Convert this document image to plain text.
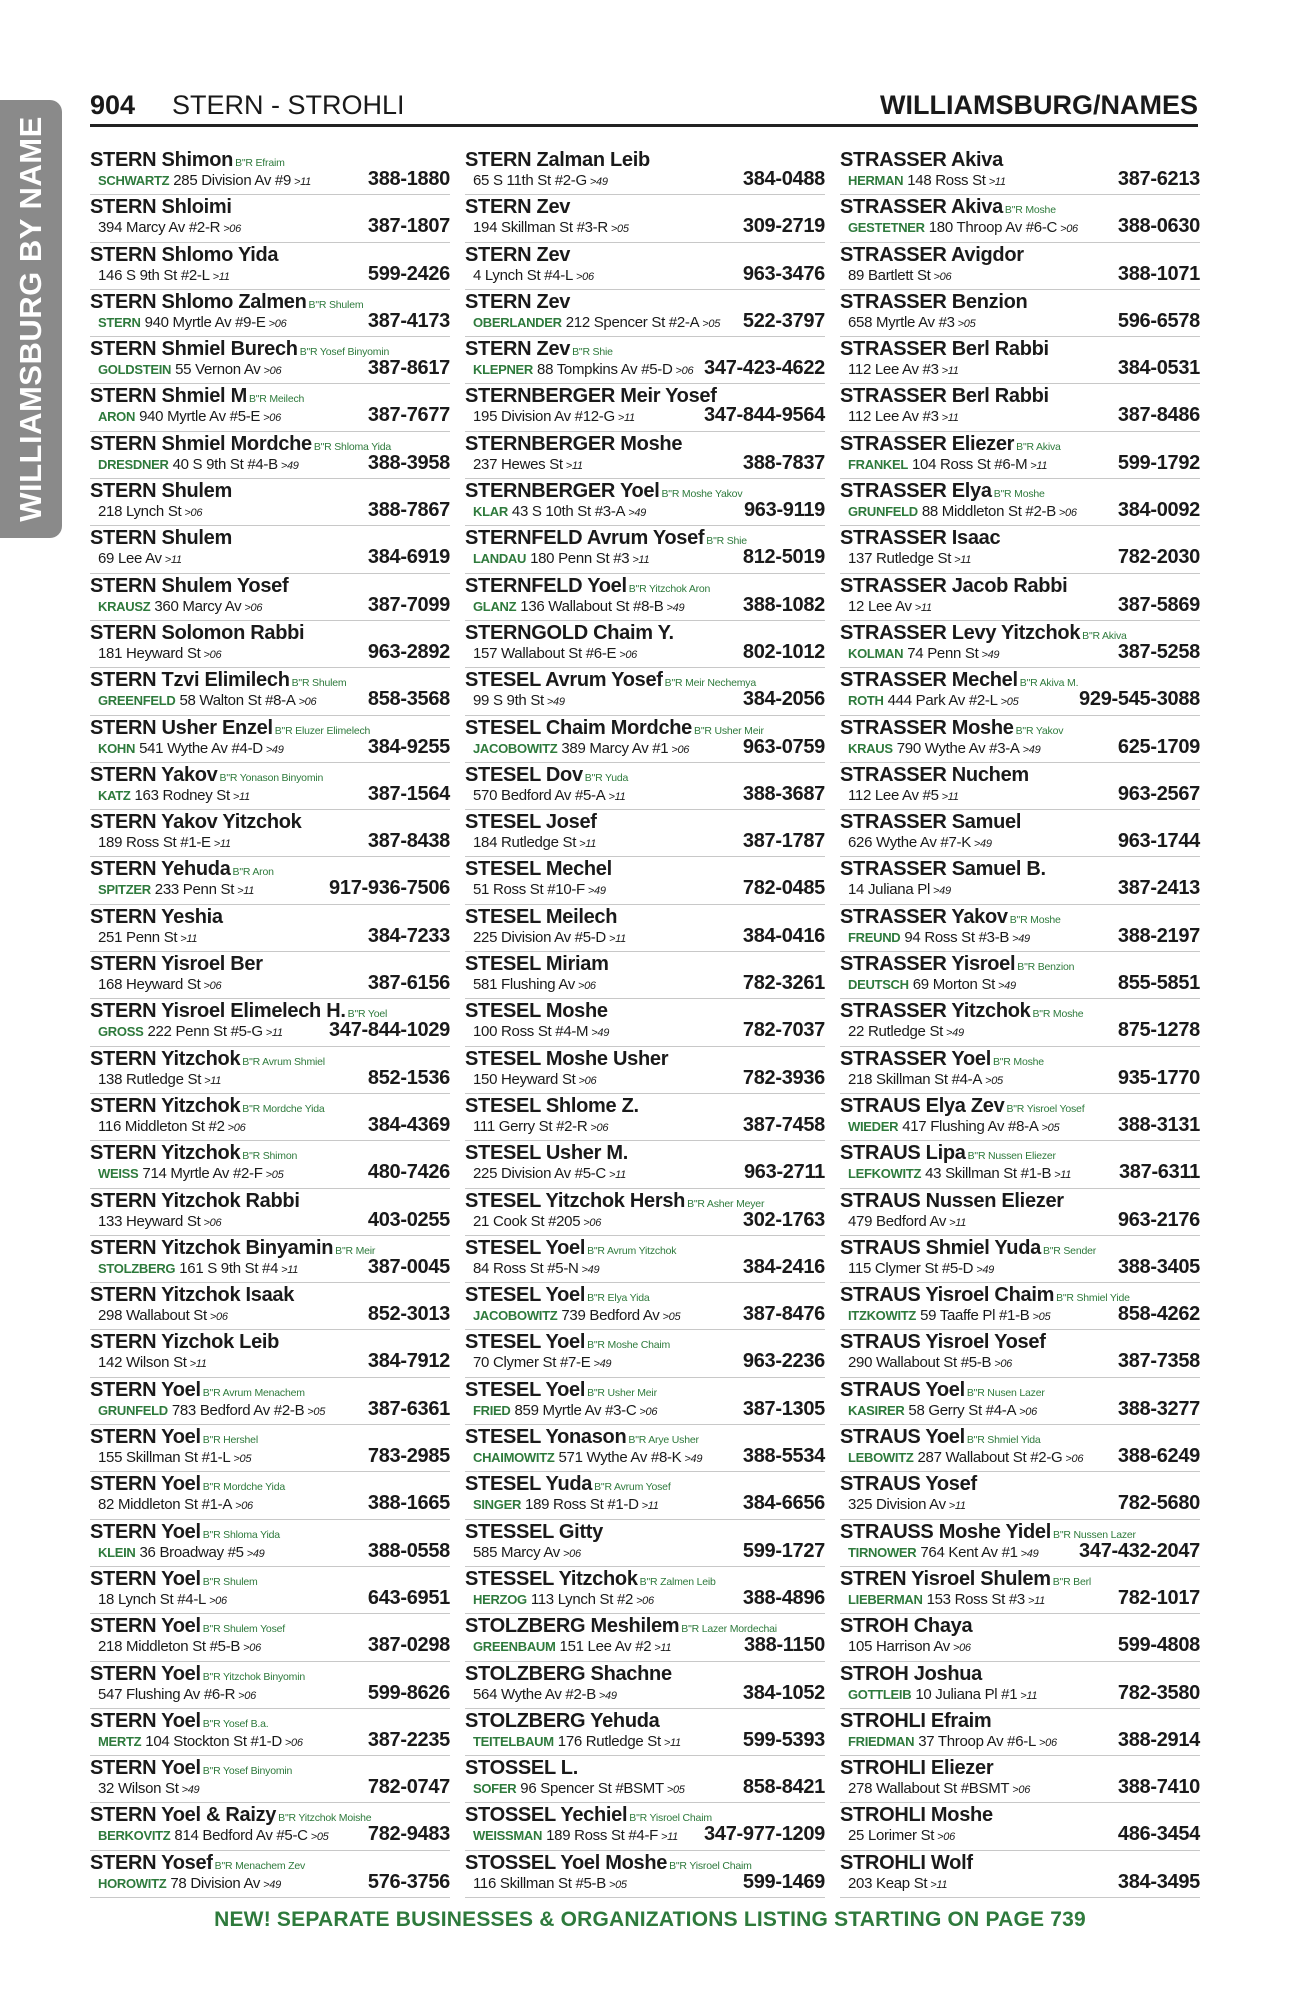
WILLIAMSBURG BY NAME
904 STERN - STROHLI	WILLIAMSBURG/NAMES
STERN Shimon B"R Efraim
SCHWARTZ 285 Division Av #9 >11	388-1880
STERN Shloimi
394 Marcy Av #2-R >06	387-1807
STERN Shlomo Yida
146 S 9th St #2-L >11	599-2426
STERN Shlomo Zalmen B"R Shulem
STERN 940 Myrtle Av #9-E >06	387-4173
STERN Shmiel Burech B"R Yosef Binyomin
GOLDSTEIN 55 Vernon Av >06	387-8617
STERN Shmiel M B"R Meilech
ARON 940 Myrtle Av #5-E >06	387-7677
STERN Shmiel Mordche B"R Shloma Yida
DRESDNER 40 S 9th St #4-B >49	388-3958
STERN Shulem
218 Lynch St >06	388-7867
STERN Shulem
69 Lee Av >11	384-6919
STERN Shulem Yosef
KRAUSZ 360 Marcy Av >06	387-7099
STERN Solomon Rabbi
181 Heyward St >06	963-2892
STERN Tzvi Elimilech B"R Shulem
GREENFELD 58 Walton St #8-A >06	858-3568
STERN Usher Enzel B"R Eluzer Elimelech
KOHN 541 Wythe Av #4-D >49	384-9255
STERN Yakov B"R Yonason Binyomin
KATZ 163 Rodney St >11	387-1564
STERN Yakov Yitzchok
189 Ross St #1-E >11	387-8438
STERN Yehuda B"R Aron
SPITZER 233 Penn St >11	917-936-7506
STERN Yeshia
251 Penn St >11	384-7233
STERN Yisroel Ber
168 Heyward St >06	387-6156
STERN Yisroel Elimelech H. B"R Yoel
GROSS 222 Penn St #5-G >11 347-844-1029
STERN Yitzchok B"R Avrum Shmiel
138 Rutledge St >11	852-1536
STERN Yitzchok B"R Mordche Yida
116 Middleton St #2 >06	384-4369
STERN Yitzchok B"R Shimon
WEISS 714 Myrtle Av #2-F >05	480-7426
STERN Yitzchok Rabbi
133 Heyward St >06	403-0255
STERN Yitzchok Binyamin B"R Meir
STOLZBERG 161 S 9th St #4 >11	387-0045
STERN Yitzchok Isaak
298 Wallabout St >06	852-3013
STERN Yizchok Leib
142 Wilson St >11	384-7912
STERN Yoel B"R Avrum Menachem
GRUNFELD 783 Bedford Av #2-B >05 387-6361
STERN Yoel B"R Hershel
155 Skillman St #1-L >05	783-2985
STERN Yoel B"R Mordche Yida
82 Middleton St #1-A >06	388-1665
STERN Yoel B"R Shloma Yida
KLEIN 36 Broadway #5 >49	388-0558
STERN Yoel B"R Shulem
18 Lynch St #4-L >06	643-6951
STERN Yoel B"R Shulem Yosef
218 Middleton St #5-B >06	387-0298
STERN Yoel B"R Yitzchok Binyomin
547 Flushing Av #6-R >06	599-8626
STERN Yoel B"R Yosef B.a.
MERTZ 104 Stockton St #1-D >06	387-2235
STERN Yoel B"R Yosef Binyomin
32 Wilson St >49	782-0747
STERN Yoel & Raizy B"R Yitzchok Moishe
BERKOVITZ 814 Bedford Av #5-C >05 782-9483
STERN Yosef B"R Menachem Zev
HOROWITZ 78 Division Av >49	576-3756
STERN Zalman Leib
65 S 11th St #2-G >49	384-0488
STERN Zev
194 Skillman St #3-R >05	309-2719
STERN Zev
4 Lynch St #4-L >06	963-3476
STERN Zev
OBERLANDER 212 Spencer St #2-A >05 522-3797
STERN Zev B"R Shie
KLEPNER 88 Tompkins Av #5-D >06 347-423-4622
STERNBERGER Meir Yosef
195 Division Av #12-G >11	347-844-9564
STERNBERGER Moshe
237 Hewes St >11	388-7837
STERNBERGER Yoel B"R Moshe Yakov
KLAR 43 S 10th St #3-A >49	963-9119
STERNFELD Avrum Yosef B"R Shie
LANDAU 180 Penn St #3 >11	812-5019
STERNFELD Yoel B"R Yitzchok Aron
GLANZ 136 Wallabout St #8-B >49	388-1082
STERNGOLD Chaim Y.
157 Wallabout St #6-E >06	802-1012
STESEL Avrum Yosef B"R Meir Nechemya
99 S 9th St >49	384-2056
STESEL Chaim Mordche B"R Usher Meir
JACOBOWITZ 389 Marcy Av #1 >06	963-0759
STESEL Dov B"R Yuda
570 Bedford Av #5-A >11	388-3687
STESEL Josef
184 Rutledge St >11	387-1787
STESEL Mechel
51 Ross St #10-F >49	782-0485
STESEL Meilech
225 Division Av #5-D >11	384-0416
STESEL Miriam
581 Flushing Av >06	782-3261
STESEL Moshe
100 Ross St #4-M >49	782-7037
STESEL Moshe Usher
150 Heyward St >06	782-3936
STESEL Shlome Z.
111 Gerry St #2-R >06	387-7458
STESEL Usher M.
225 Division Av #5-C >11	963-2711
STESEL Yitzchok Hersh B"R Asher Meyer
21 Cook St #205 >06	302-1763
STESEL Yoel B"R Avrum Yitzchok
84 Ross St #5-N >49	384-2416
STESEL Yoel B"R Elya Yida
JACOBOWITZ 739 Bedford Av >05	387-8476
STESEL Yoel B"R Moshe Chaim
70 Clymer St #7-E >49	963-2236
STESEL Yoel B"R Usher Meir
FRIED 859 Myrtle Av #3-C >06	387-1305
STESEL Yonason B"R Arye Usher
CHAIMOWITZ 571 Wythe Av #8-K >49 388-5534
STESEL Yuda B"R Avrum Yosef
SINGER 189 Ross St #1-D >11	384-6656
STESSEL Gitty
585 Marcy Av >06	599-1727
STESSEL Yitzchok B"R Zalmen Leib
HERZOG 113 Lynch St #2 >06	388-4896
STOLZBERG Meshilem B"R Lazer Mordechai
GREENBAUM 151 Lee Av #2 >11	388-1150
STOLZBERG Shachne
564 Wythe Av #2-B >49	384-1052
STOLZBERG Yehuda
TEITELBAUM 176 Rutledge St >11	599-5393
STOSSEL L.
SOFER 96 Spencer St #BSMT >05	858-8421
STOSSEL Yechiel B"R Yisroel Chaim
WEISSMAN 189 Ross St #4-F >11 347-977-1209
STOSSEL Yoel Moshe B"R Yisroel Chaim
116 Skillman St #5-B >05	599-1469
STRASSER Akiva
HERMAN 148 Ross St >11	387-6213
STRASSER Akiva B"R Moshe
GESTETNER 180 Throop Av #6-C >06 388-0630
STRASSER Avigdor
89 Bartlett St >06	388-1071
STRASSER Benzion
658 Myrtle Av #3 >05	596-6578
STRASSER Berl Rabbi
112 Lee Av #3 >11	384-0531
STRASSER Berl Rabbi
112 Lee Av #3 >11	387-8486
STRASSER Eliezer B"R Akiva
FRANKEL 104 Ross St #6-M >11	599-1792
STRASSER Elya B"R Moshe
GRUNFELD 88 Middleton St #2-B >06 384-0092
STRASSER Isaac
137 Rutledge St >11	782-2030
STRASSER Jacob Rabbi
12 Lee Av >11	387-5869
STRASSER Levy Yitzchok B"R Akiva
KOLMAN 74 Penn St >49	387-5258
STRASSER Mechel B"R Akiva M.
ROTH 444 Park Av #2-L >05	929-545-3088
STRASSER Moshe B"R Yakov
KRAUS 790 Wythe Av #3-A >49	625-1709
STRASSER Nuchem
112 Lee Av #5 >11	963-2567
STRASSER Samuel
626 Wythe Av #7-K >49	963-1744
STRASSER Samuel B.
14 Juliana Pl >49	387-2413
STRASSER Yakov B"R Moshe
FREUND 94 Ross St #3-B >49	388-2197
STRASSER Yisroel B"R Benzion
DEUTSCH 69 Morton St >49	855-5851
STRASSER Yitzchok B"R Moshe
22 Rutledge St >49	875-1278
STRASSER Yoel B"R Moshe
218 Skillman St #4-A >05	935-1770
STRAUS Elya Zev B"R Yisroel Yosef
WIEDER 417 Flushing Av #8-A >05	388-3131
STRAUS Lipa B"R Nussen Eliezer
LEFKOWITZ 43 Skillman St #1-B >11 387-6311
STRAUS Nussen Eliezer
479 Bedford Av >11	963-2176
STRAUS Shmiel Yuda B"R Sender
115 Clymer St #5-D >49	388-3405
STRAUS Yisroel Chaim B"R Shmiel Yide
ITZKOWITZ 59 Taaffe Pl #1-B >05	858-4262
STRAUS Yisroel Yosef
290 Wallabout St #5-B >06	387-7358
STRAUS Yoel B"R Nusen Lazer
KASIRER 58 Gerry St #4-A >06	388-3277
STRAUS Yoel B"R Shmiel Yida
LEBOWITZ 287 Wallabout St #2-G >06 388-6249
STRAUS Yosef
325 Division Av >11	782-5680
STRAUSS Moshe Yidel B"R Nussen Lazer
TIRNOWER 764 Kent Av #1 >49 347-432-2047
STREN Yisroel Shulem B"R Berl
LIEBERMAN 153 Ross St #3 >11	782-1017
STROH Chaya
105 Harrison Av >06	599-4808
STROH Joshua
GOTTLEIB 10 Juliana Pl #1 >11	782-3580
STROHLI Efraim
FRIEDMAN 37 Throop Av #6-L >06	388-2914
STROHLI Eliezer
278 Wallabout St #BSMT >06	388-7410
STROHLI Moshe
25 Lorimer St >06	486-3454
STROHLI Wolf
203 Keap St >11	384-3495
NEW! SEPARATE BUSINESSES & ORGANIZATIONS LISTING STARTING ON PAGE 739
